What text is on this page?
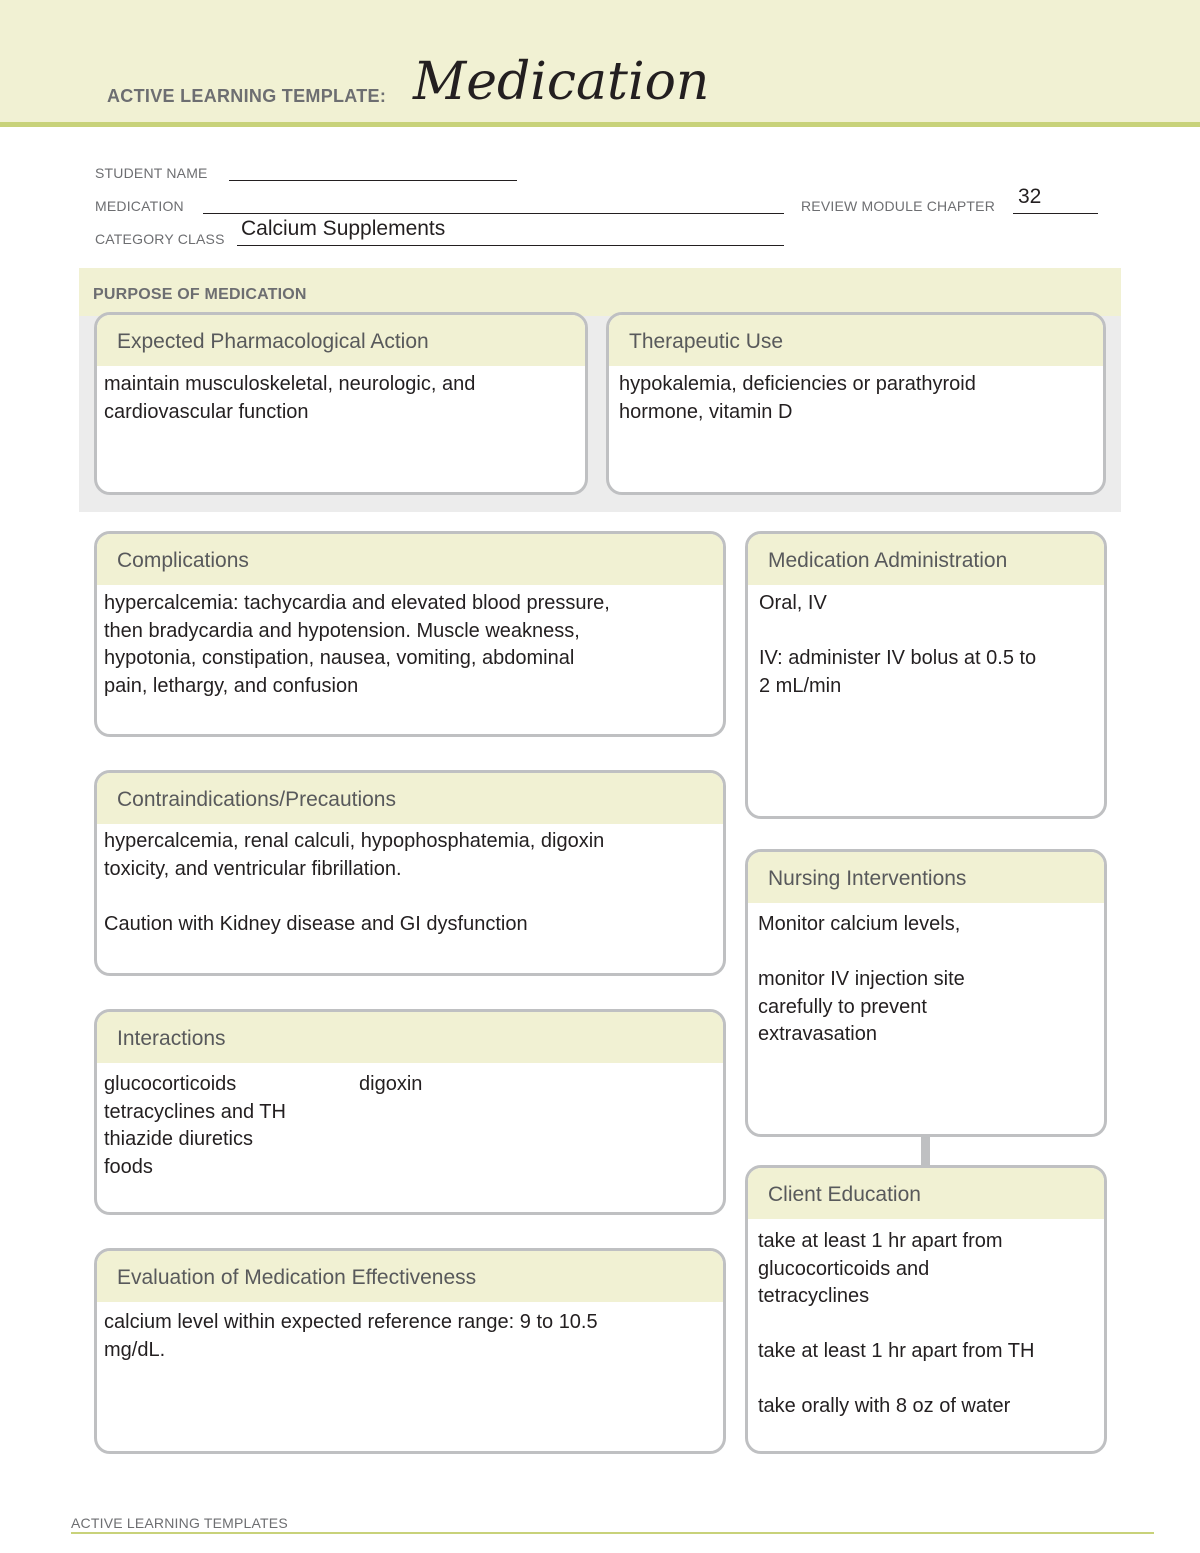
ACTIVE LEARNING TEMPLATE: Medication
STUDENT NAME
MEDICATION	REVIEW MODULE CHAPTER 32
CATEGORY CLASS Calcium Supplements
PURPOSE OF MEDICATION
Expected Pharmacological Action

maintain musculoskeletal, neurologic, and

cardiovascular function

Therapeutic Use

hypokalemia, deficiencies or parathyroid

hormone, vitamin D

Complications

hypercalcemia: tachycardia and elevated blood pressure,

then bradycardia and hypotension. Muscle weakness,

hypotonia, constipation, nausea, vomiting, abdominal

pain, lethargy, and confusion

Contraindications/Precautions

hypercalcemia, renal calculi, hypophosphatemia, digoxin

toxicity, and ventricular fibrillation.

Caution with Kidney disease and GI dysfunction

Interactions

glucocorticoids

tetracyclines and TH

thiazide diuretics

foods

digoxin

Evaluation of Medication Effectiveness

calcium level within expected reference range: 9 to 10.5

mg/dL.

Medication Administration

Oral, IV

IV: administer IV bolus at 0.5 to

2 mL/min

Nursing Interventions

Monitor calcium levels,

monitor IV injection site

carefully to prevent

extravasation

Client Education

take at least 1 hr apart from

glucocorticoids and

tetracyclines

take at least 1 hr apart from TH

take orally with 8 oz of water

ACTIVE LEARNING TEMPLATES
